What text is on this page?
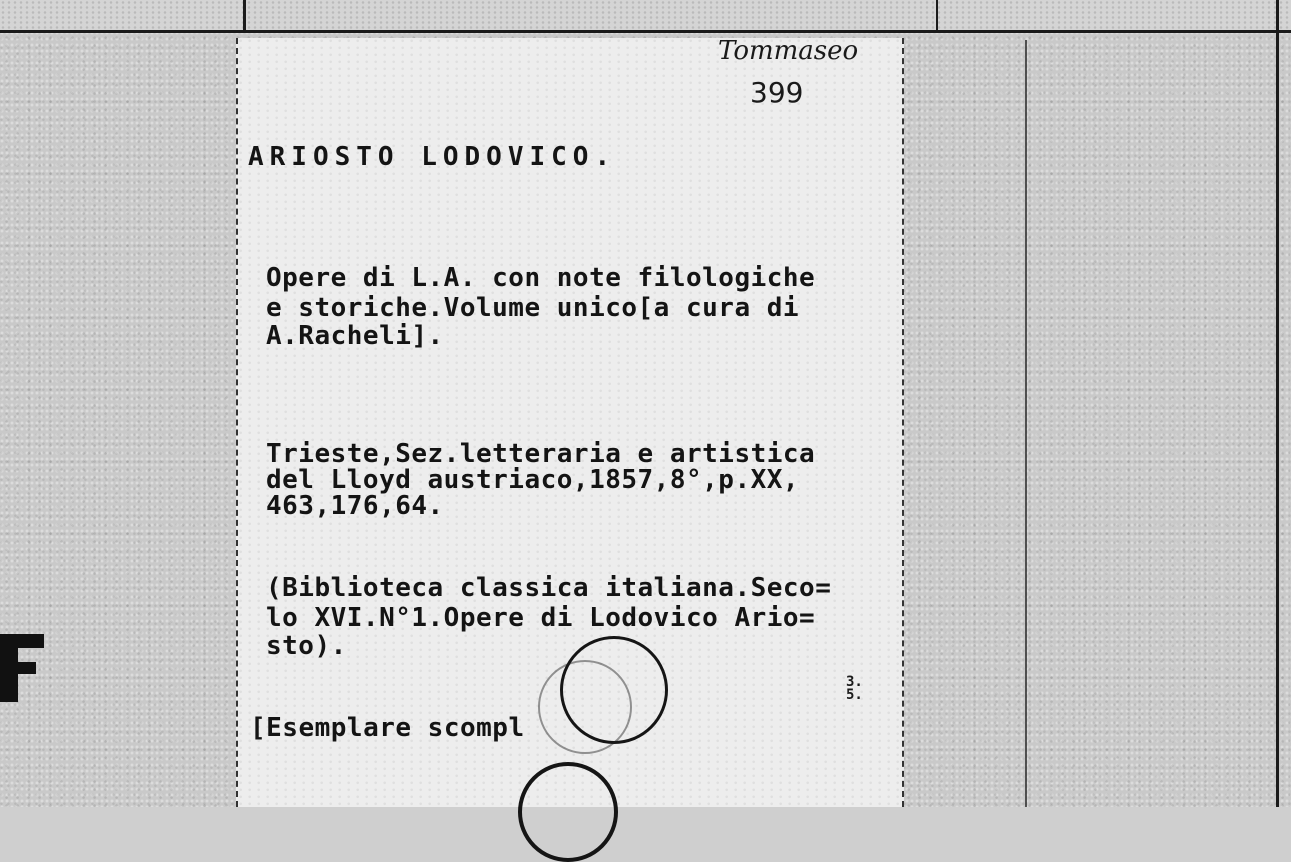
Tommaseo
399
ARIOSTO LODOVICO.
Opere di L.A. con note filologiche
e storiche.Volume unico[a cura di
A.Racheli].
Trieste,Sez.letteraria e artistica
del Lloyd austriaco,1857,8°,p.XX,
463,176,64.
(Biblioteca classica italiana.Seco=
lo XVI.N°1.Opere di Lodovico Ario=
sto).
[Esemplare scompl
3.5.
